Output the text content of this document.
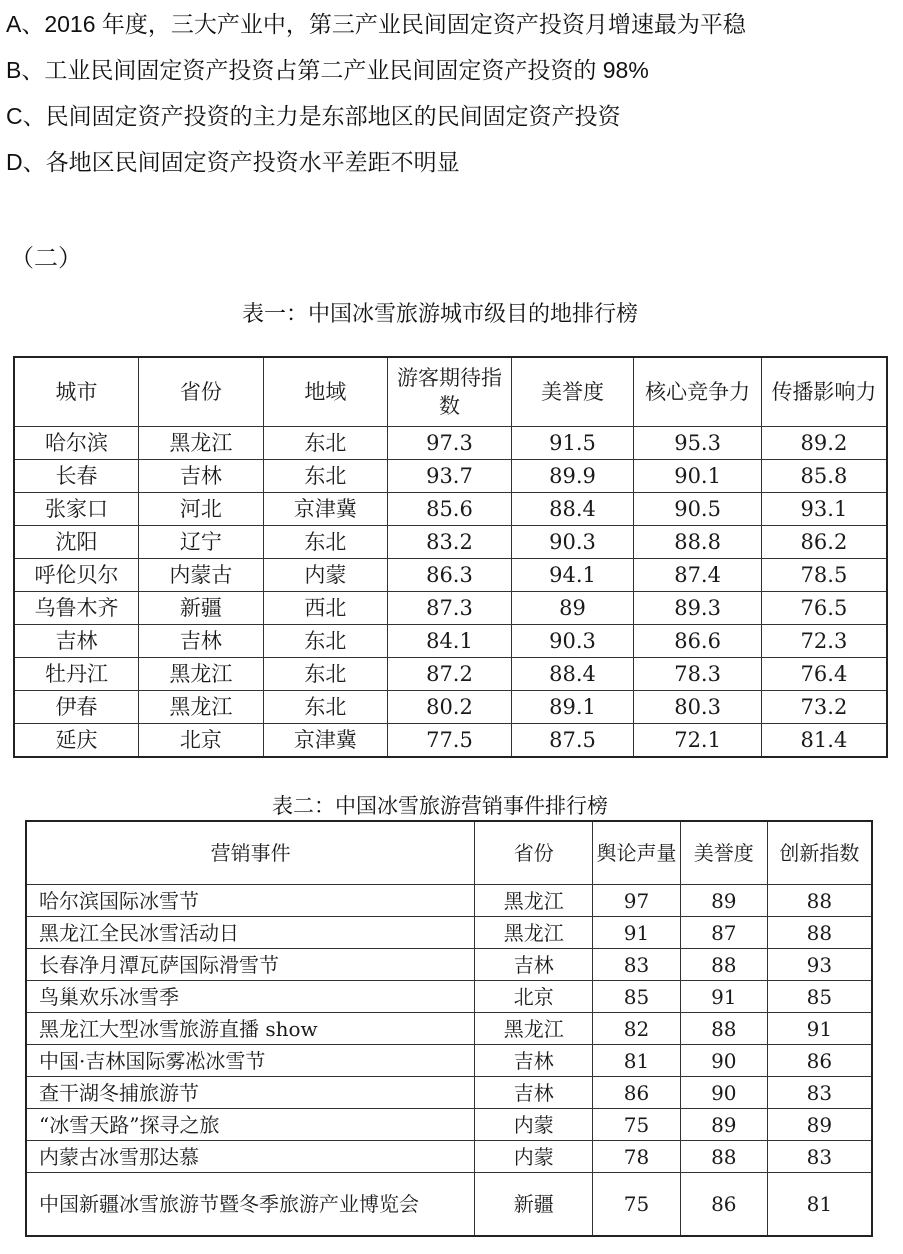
A、2016 年度，三大产业中，第三产业民间固定资产投资月增速最为平稳
B、工业民间固定资产投资占第二产业民间固定资产投资的 98%
C、民间固定资产投资的主力是东部地区的民间固定资产投资
D、各地区民间固定资产投资水平差距不明显
（二）
表一：中国冰雪旅游城市级目的地排行榜
城市	省份	地域	游客期待指数	美誉度	核心竞争力	传播影响力
哈尔滨	黑龙江	东北	97.3	91.5	95.3	89.2
长春	吉林	东北	93.7	89.9	90.1	85.8
张家口	河北	京津冀	85.6	88.4	90.5	93.1
沈阳	辽宁	东北	83.2	90.3	88.8	86.2
呼伦贝尔	内蒙古	内蒙	86.3	94.1	87.4	78.5
乌鲁木齐	新疆	西北	87.3	89	89.3	76.5
吉林	吉林	东北	84.1	90.3	86.6	72.3
牡丹江	黑龙江	东北	87.2	88.4	78.3	76.4
伊春	黑龙江	东北	80.2	89.1	80.3	73.2
延庆	北京	京津冀	77.5	87.5	72.1	81.4
表二：中国冰雪旅游营销事件排行榜
营销事件	省份	舆论声量	美誉度	创新指数
哈尔滨国际冰雪节	黑龙江	97	89	88
黑龙江全民冰雪活动日	黑龙江	91	87	88
长春净月潭瓦萨国际滑雪节	吉林	83	88	93
鸟巢欢乐冰雪季	北京	85	91	85
黑龙江大型冰雪旅游直播 show	黑龙江	82	88	91
中国·吉林国际雾凇冰雪节	吉林	81	90	86
查干湖冬捕旅游节	吉林	86	90	83
“冰雪天路”探寻之旅	内蒙	75	89	89
内蒙古冰雪那达慕	内蒙	78	88	83
中国新疆冰雪旅游节暨冬季旅游产业博览会	新疆	75	86	81
